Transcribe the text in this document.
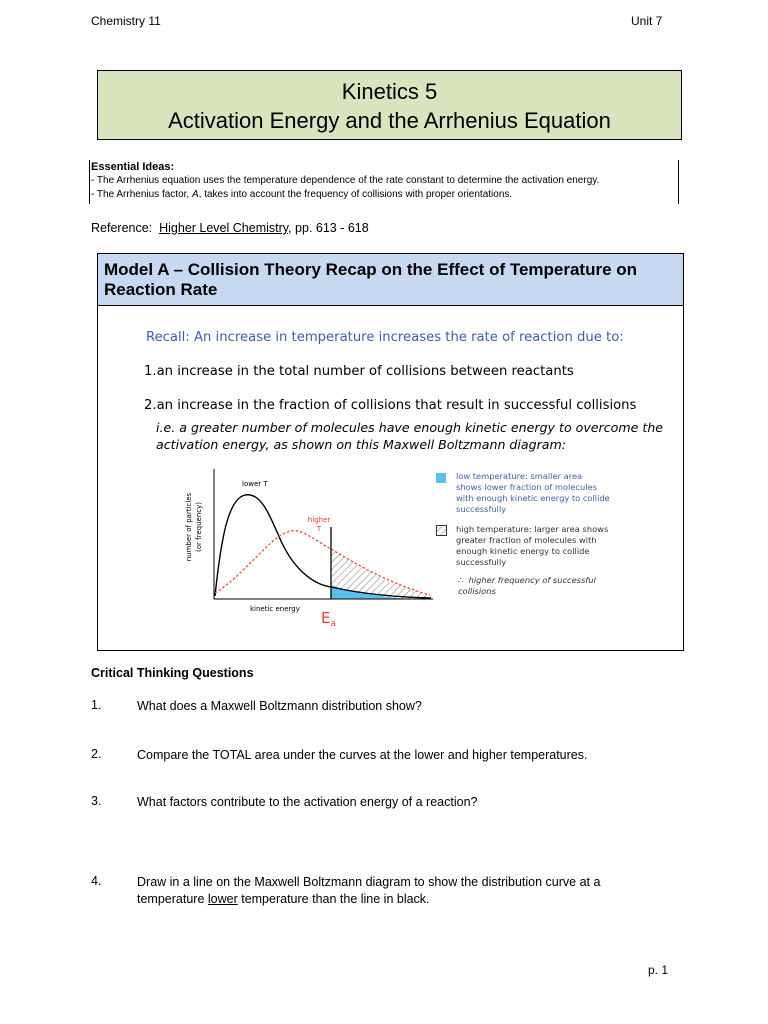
Chemistry 11	Unit 7
Kinetics 5
Activation Energy and the Arrhenius Equation
Essential Ideas:
- The Arrhenius equation uses the temperature dependence of the rate constant to determine the activation energy.
- The Arrhenius factor, A, takes into account the frequency of collisions with proper orientations.
Reference: Higher Level Chemistry, pp. 613 - 618
Model A – Collision Theory Recap on the Effect of Temperature on Reaction Rate
Recall: An increase in temperature increases the rate of reaction due to:
1.an increase in the total number of collisions between reactants
2.an increase in the fraction of collisions that result in successful collisions
i.e. a greater number of molecules have enough kinetic energy to overcome the
activation energy, as shown on this Maxwell Boltzmann diagram:
lower T
higher
T
kinetic energy
number of particles (or frequency)
$E_a$
low temperature: smaller area
shows lower fraction of molecules
with enough kinetic energy to collide
successfully
high temperature: larger area shows
greater fraction of molecules with
enough kinetic energy to collide
successfully
∴ higher frequency of successful
collisions
Critical Thinking Questions
1.	What does a Maxwell Boltzmann distribution show?
2.	Compare the TOTAL area under the curves at the lower and higher temperatures.
3.	What factors contribute to the activation energy of a reaction?
4.	Draw in a line on the Maxwell Boltzmann diagram to show the distribution curve at a
temperature lower temperature than the line in black.
p. 1
